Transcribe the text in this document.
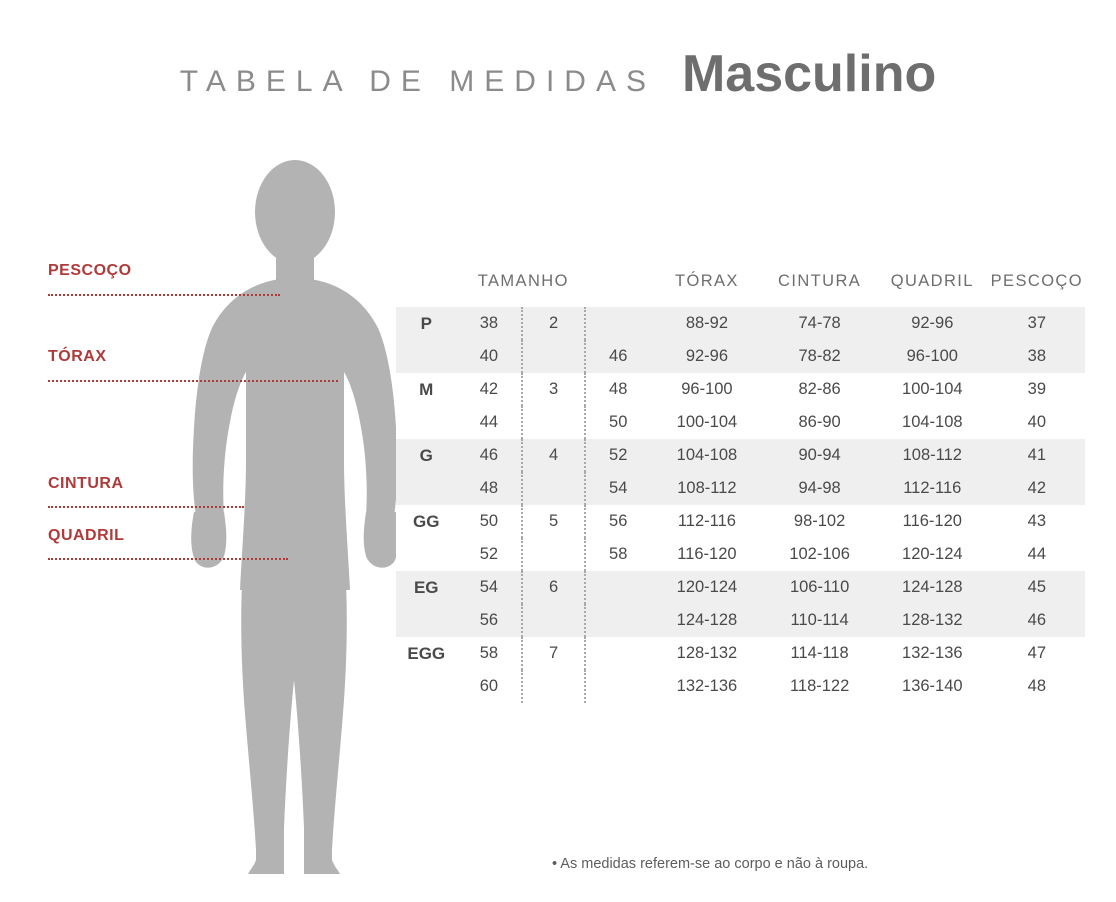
TABELA DE MEDIDAS Masculino
PESCOÇO
TÓRAX
CINTURA
QUADRIL
TAMANHO				TÓRAX	CINTURA	QUADRIL	PESCOÇO
P	38	2		88-92	74-78	92-96	37
	40		46	92-96	78-82	96-100	38
M	42	3	48	96-100	82-86	100-104	39
	44		50	100-104	86-90	104-108	40
G	46	4	52	104-108	90-94	108-112	41
	48		54	108-112	94-98	112-116	42
GG	50	5	56	112-116	98-102	116-120	43
	52		58	116-120	102-106	120-124	44
EG	54	6		120-124	106-110	124-128	45
	56			124-128	110-114	128-132	46
EGG	58	7		128-132	114-118	132-136	47
	60			132-136	118-122	136-140	48
• As medidas referem-se ao corpo e não à roupa.
